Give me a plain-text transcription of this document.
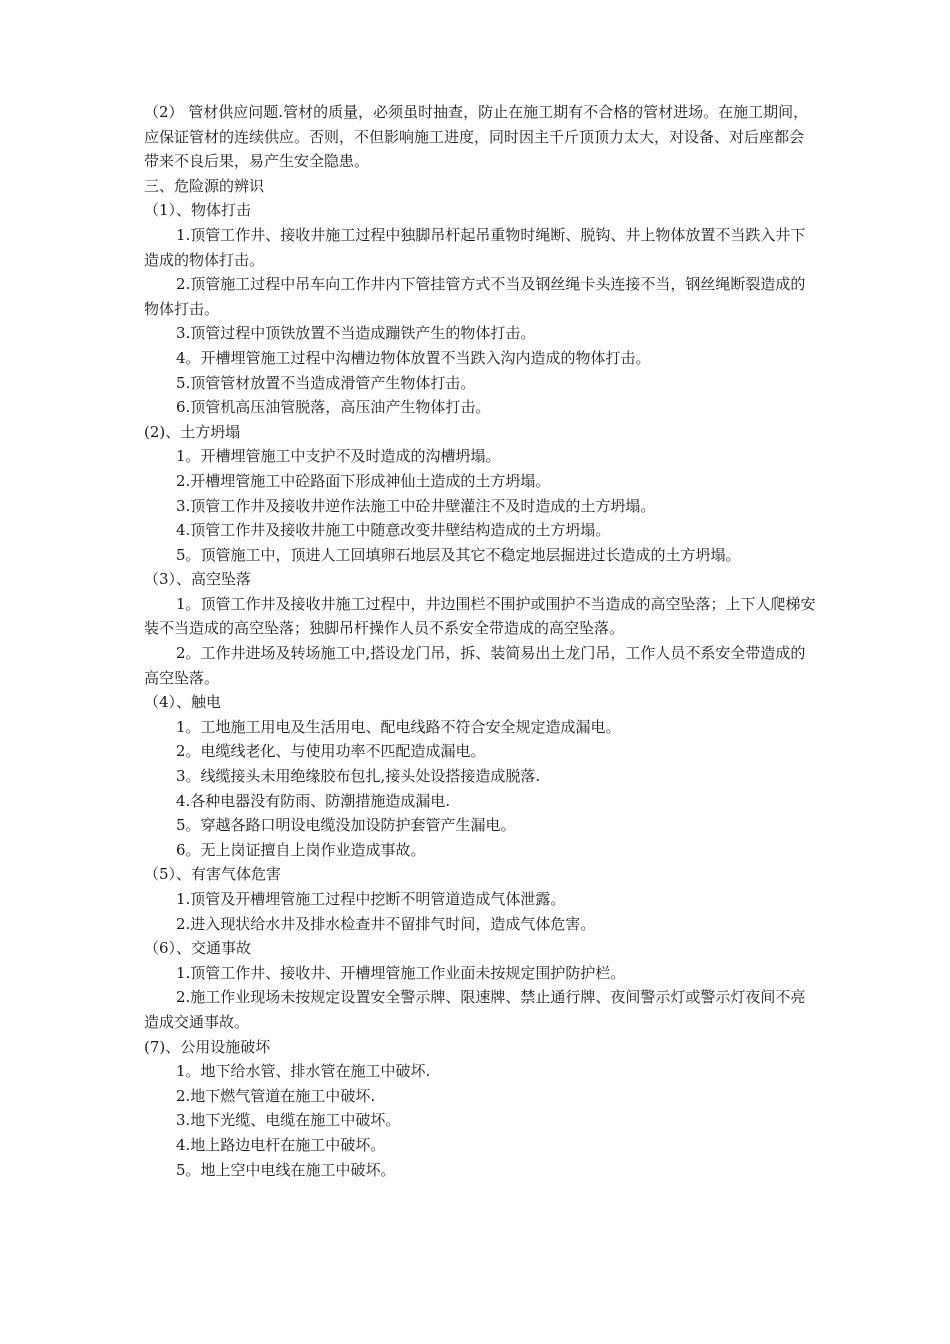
（2） 管材供应问题.管材的质量，必须虽时抽查，防止在施工期有不合格的管材进场。在施工期间，应保证管材的连续供应。否则，不但影响施工进度，同时因主千斤顶顶力太大，对设备、对后座都会带来不良后果，易产生安全隐患。

三、危险源的辨识

（1）、物体打击

1.顶管工作井、接收井施工过程中独脚吊杆起吊重物时绳断、脱钩、井上物体放置不当跌入井下造成的物体打击。

2.顶管施工过程中吊车向工作井内下管挂管方式不当及钢丝绳卡头连接不当，钢丝绳断裂造成的物体打击。

3.顶管过程中顶铁放置不当造成蹦铁产生的物体打击。

4。开槽埋管施工过程中沟槽边物体放置不当跌入沟内造成的物体打击。

5.顶管管材放置不当造成滑管产生物体打击。

6.顶管机高压油管脱落，高压油产生物体打击。

(2)、土方坍塌

1。开槽埋管施工中支护不及时造成的沟槽坍塌。

2.开槽埋管施工中砼路面下形成神仙土造成的土方坍塌。

3.顶管工作井及接收井逆作法施工中砼井壁灌注不及时造成的土方坍塌。

4.顶管工作井及接收井施工中随意改变井壁结构造成的土方坍塌。

5。顶管施工中，顶进人工回填卵石地层及其它不稳定地层掘进过长造成的土方坍塌。

（3）、高空坠落

1。顶管工作井及接收井施工过程中，井边围栏不围护或围护不当造成的高空坠落；上下人爬梯安装不当造成的高空坠落；独脚吊杆操作人员不系安全带造成的高空坠落。

2。工作井进场及转场施工中,搭设龙门吊，拆、装简易出土龙门吊，工作人员不系安全带造成的高空坠落。

（4）、触电

1。工地施工用电及生活用电、配电线路不符合安全规定造成漏电。

2。电缆线老化、与使用功率不匹配造成漏电。

3。线缆接头未用绝缘胶布包扎,接头处设搭接造成脱落.

4.各种电器没有防雨、防潮措施造成漏电.

5。穿越各路口明设电缆没加设防护套管产生漏电。

6。无上岗证擅自上岗作业造成事故。

（5）、有害气体危害

1.顶管及开槽埋管施工过程中挖断不明管道造成气体泄露。

2.进入现状给水井及排水检查井不留排气时间，造成气体危害。

（6）、交通事故

1.顶管工作井、接收井、开槽埋管施工作业面未按规定围护防护栏。

2.施工作业现场未按规定设置安全警示牌、限速牌、禁止通行牌、夜间警示灯或警示灯夜间不亮造成交通事故。

(7)、公用设施破坏

1。地下给水管、排水管在施工中破坏.

2.地下燃气管道在施工中破坏.

3.地下光缆、电缆在施工中破坏。

4.地上路边电杆在施工中破坏。

5。地上空中电线在施工中破坏。
